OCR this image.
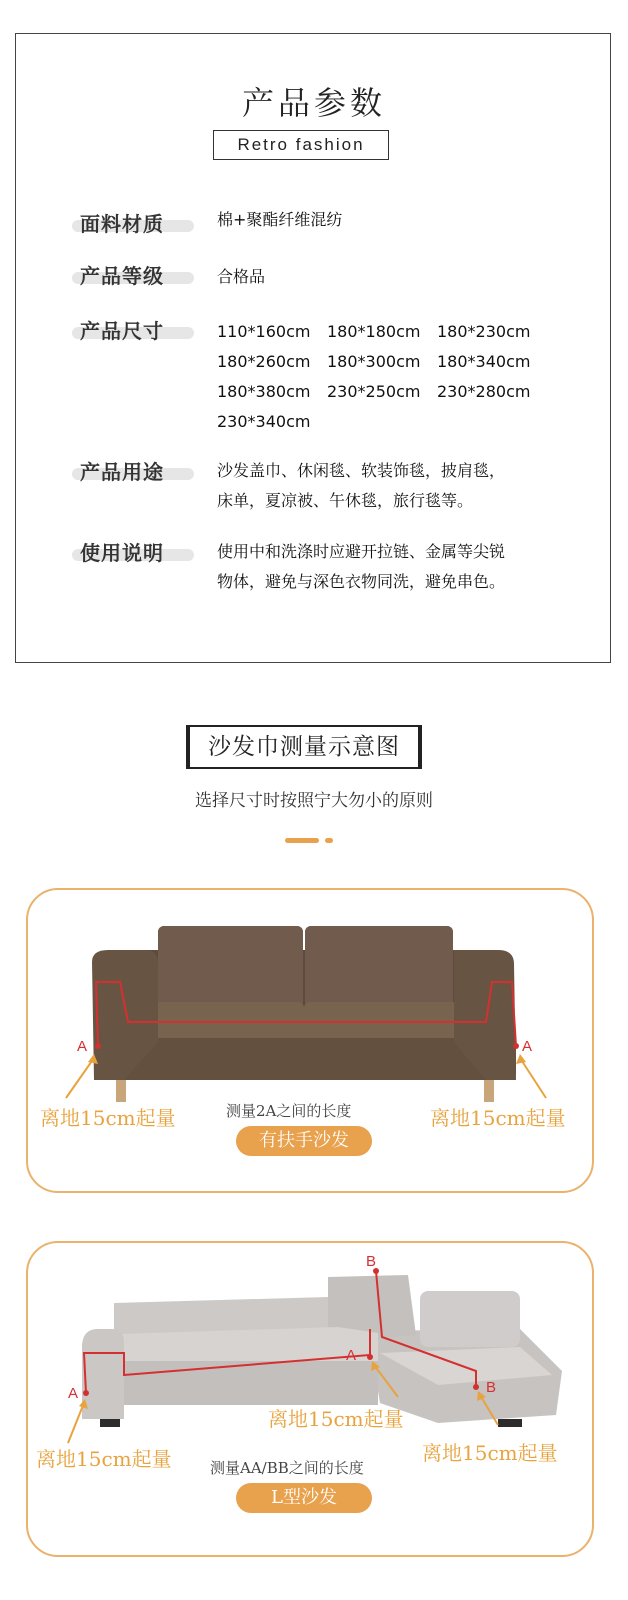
产品参数
Retro fashion
面料材质	棉+聚酯纤维混纺
产品等级	合格品
产品尺寸	110*160cm	180*180cm	180*230cm
180*260cm	180*300cm	180*340cm
180*380cm	230*250cm	230*280cm
230*340cm
产品用途	沙发盖巾、休闲毯、软装饰毯，披肩毯，
床单，夏凉被、午休毯，旅行毯等。
使用说明	使用中和洗涤时应避开拉链、金属等尖锐
物体，避免与深色衣物同洗，避免串色。
沙发巾测量示意图
选择尺寸时按照宁大勿小的原则
A	A
离地15cm起量	离地15cm起量
测量2A之间的长度
有扶手沙发
A
A
B
B
离地15cm起量
离地15cm起量
离地15cm起量
测量AA/BB之间的长度
L型沙发
